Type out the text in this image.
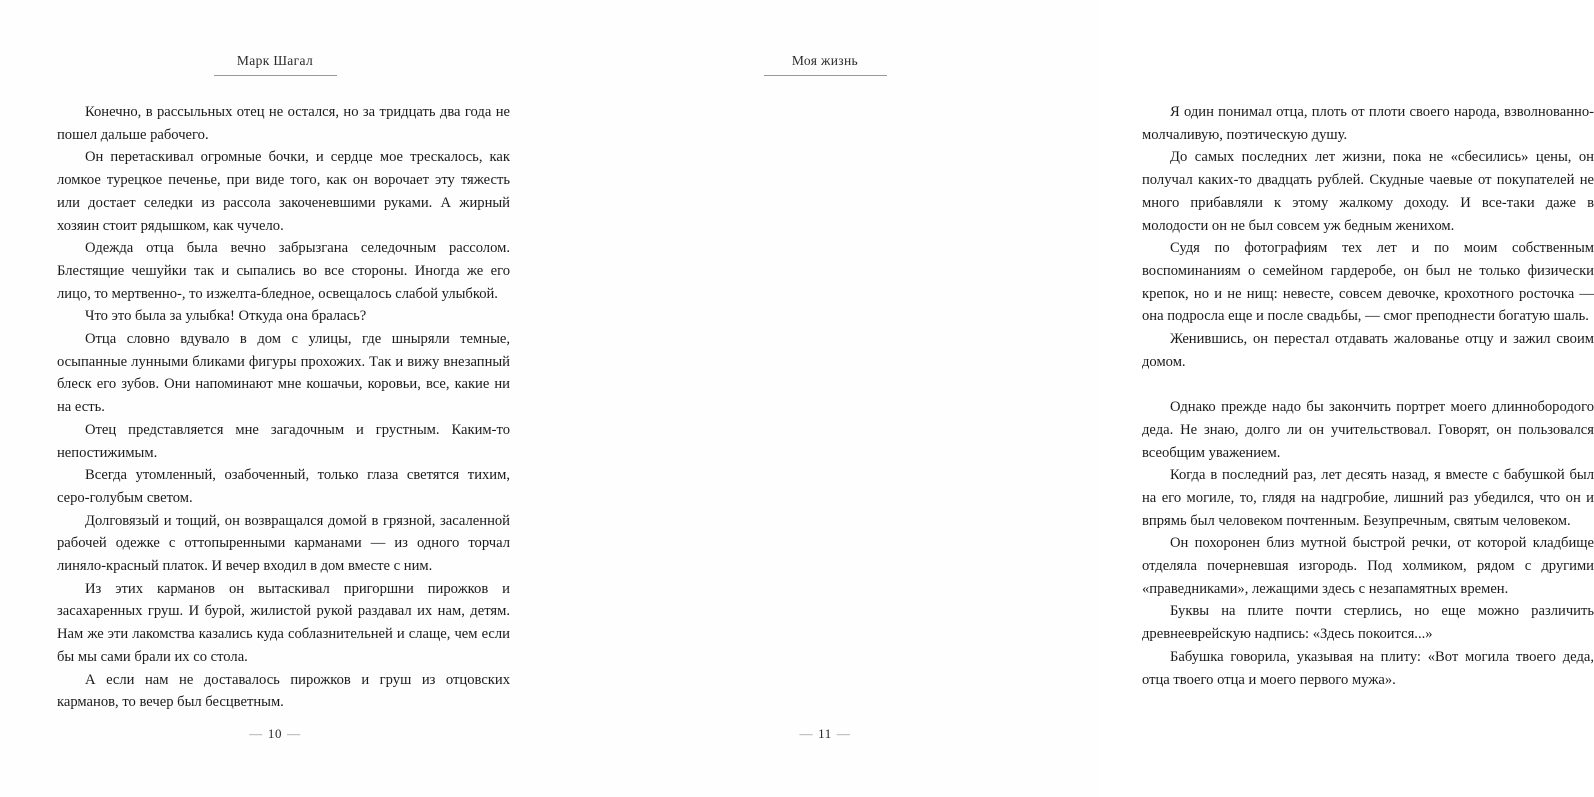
Марк Шагал

Конечно, в рассыльных отец не остался, но за тридцать два года не пошел дальше рабочего.

Он перетаскивал огромные бочки, и сердце мое трескалось, как ломкое турецкое печенье, при виде того, как он ворочает эту тяжесть или достает селедки из рассола закоченевшими руками. А жирный хозяин стоит рядышком, как чучело.

Одежда отца была вечно забрызгана селедочным рассолом. Блестящие чешуйки так и сыпались во все стороны. Иногда же его лицо, то мертвенно-, то изжелта-бледное, освещалось слабой улыбкой.

Что это была за улыбка! Откуда она бралась?

Отца словно вдувало в дом с улицы, где шныряли темные, осыпанные лунными бликами фигуры прохожих. Так и вижу внезапный блеск его зубов. Они напоминают мне кошачьи, коровьи, все, какие ни на есть.

Отец представляется мне загадочным и грустным. Каким-то непостижимым.

Всегда утомленный, озабоченный, только глаза светятся тихим, серо-голубым светом.

Долговязый и тощий, он возвращался домой в грязной, засаленной рабочей одежке с оттопыренными карманами — из одного торчал линяло-красный платок. И вечер входил в дом вместе с ним.

Из этих карманов он вытаскивал пригоршни пирожков и засахаренных груш. И бурой, жилистой рукой раздавал их нам, детям. Нам же эти лакомства казались куда соблазнительней и слаще, чем если бы мы сами брали их со стола.

А если нам не доставалось пирожков и груш из отцовских карманов, то вечер был бесцветным.

— 10 —
Моя жизнь

Я один понимал отца, плоть от плоти своего народа, взволнованно-молчаливую, поэтическую душу.

До самых последних лет жизни, пока не «сбесились» цены, он получал каких-то двадцать рублей. Скудные чаевые от покупателей не много прибавляли к этому жалкому доходу. И все-таки даже в молодости он не был совсем уж бедным женихом.

Судя по фотографиям тех лет и по моим собственным воспоминаниям о семейном гардеробе, он был не только физически крепок, но и не нищ: невесте, совсем девочке, крохотного росточка — она подросла еще и после свадьбы, — смог преподнести богатую шаль.

Женившись, он перестал отдавать жалованье отцу и зажил своим домом.

Однако прежде надо бы закончить портрет моего длиннобородого деда. Не знаю, долго ли он учительствовал. Говорят, он пользовался всеобщим уважением.

Когда в последний раз, лет десять назад, я вместе с бабушкой был на его могиле, то, глядя на надгробие, лишний раз убедился, что он и впрямь был человеком почтенным. Безупречным, святым человеком.

Он похоронен близ мутной быстрой речки, от которой кладбище отделяла почерневшая изгородь. Под холмиком, рядом с другими «праведниками», лежащими здесь с незапамятных времен.

Буквы на плите почти стерлись, но еще можно различить древнееврейскую надпись: «Здесь покоится...»

Бабушка говорила, указывая на плиту: «Вот могила твоего деда, отца твоего отца и моего первого мужа».

— 11 —
